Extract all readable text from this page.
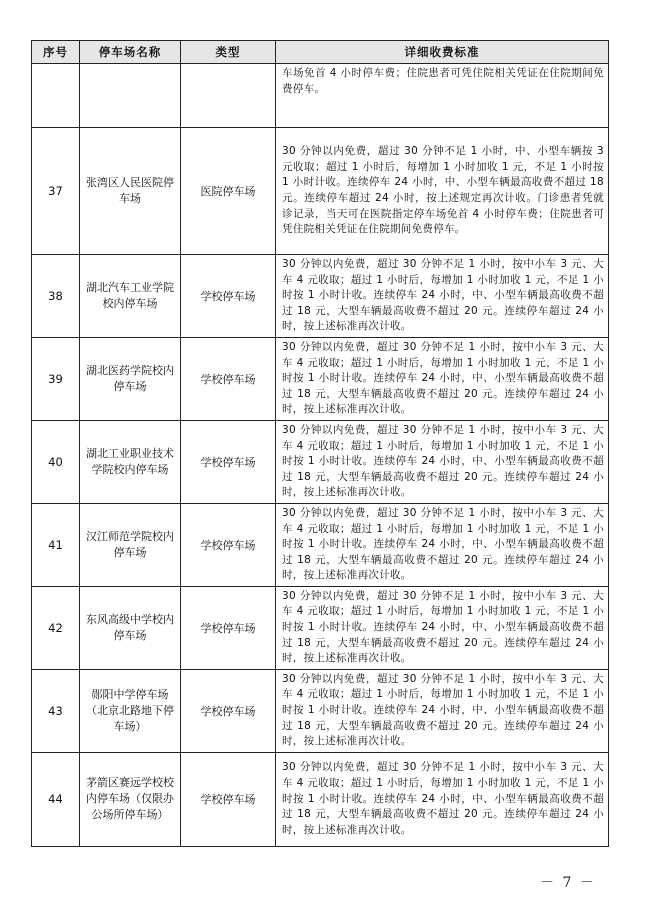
序号	停车场名称	类型	详细收费标准
			车场免首 4 小时停车费；住院患者可凭住院相关凭证在住院期间免费停车。
37	张湾区人民医院停车场	医院停车场	30 分钟以内免费，超过 30 分钟不足 1 小时，中、小型车辆按 3 元收取；超过 1 小时后，每增加 1 小时加收 1 元，不足 1 小时按 1 小时计收。连续停车 24 小时，中、小型车辆最高收费不超过 18 元。连续停车超过 24 小时，按上述规定再次计收。门诊患者凭就诊记录，当天可在医院指定停车场免首 4 小时停车费；住院患者可凭住院相关凭证在住院期间免费停车。
38	湖北汽车工业学院校内停车场	学校停车场	30 分钟以内免费，超过 30 分钟不足 1 小时，按中小车 3 元、大车 4 元收取；超过 1 小时后，每增加 1 小时加收 1 元，不足 1 小时按 1 小时计收。连续停车 24 小时，中、小型车辆最高收费不超过 18 元，大型车辆最高收费不超过 20 元。连续停车超过 24 小时，按上述标准再次计收。
39	湖北医药学院校内停车场	学校停车场	30 分钟以内免费，超过 30 分钟不足 1 小时，按中小车 3 元、大车 4 元收取；超过 1 小时后，每增加 1 小时加收 1 元，不足 1 小时按 1 小时计收。连续停车 24 小时，中、小型车辆最高收费不超过 18 元，大型车辆最高收费不超过 20 元。连续停车超过 24 小时，按上述标准再次计收。
40	湖北工业职业技术学院校内停车场	学校停车场	30 分钟以内免费，超过 30 分钟不足 1 小时，按中小车 3 元、大车 4 元收取；超过 1 小时后，每增加 1 小时加收 1 元，不足 1 小时按 1 小时计收。连续停车 24 小时，中、小型车辆最高收费不超过 18 元，大型车辆最高收费不超过 20 元。连续停车超过 24 小时，按上述标准再次计收。
41	汉江师范学院校内停车场	学校停车场	30 分钟以内免费，超过 30 分钟不足 1 小时，按中小车 3 元、大车 4 元收取；超过 1 小时后，每增加 1 小时加收 1 元，不足 1 小时按 1 小时计收。连续停车 24 小时，中、小型车辆最高收费不超过 18 元，大型车辆最高收费不超过 20 元。连续停车超过 24 小时，按上述标准再次计收。
42	东风高级中学校内停车场	学校停车场	30 分钟以内免费，超过 30 分钟不足 1 小时，按中小车 3 元、大车 4 元收取；超过 1 小时后，每增加 1 小时加收 1 元，不足 1 小时按 1 小时计收。连续停车 24 小时，中、小型车辆最高收费不超过 18 元，大型车辆最高收费不超过 20 元。连续停车超过 24 小时，按上述标准再次计收。
43	郧阳中学停车场（北京北路地下停车场）	学校停车场	30 分钟以内免费，超过 30 分钟不足 1 小时，按中小车 3 元、大车 4 元收取；超过 1 小时后，每增加 1 小时加收 1 元，不足 1 小时按 1 小时计收。连续停车 24 小时，中、小型车辆最高收费不超过 18 元，大型车辆最高收费不超过 20 元。连续停车超过 24 小时，按上述标准再次计收。
44	茅箭区赛远学校校内停车场（仅限办公场所停车场）	学校停车场	30 分钟以内免费，超过 30 分钟不足 1 小时，按中小车 3 元、大车 4 元收取；超过 1 小时后，每增加 1 小时加收 1 元，不足 1 小时按 1 小时计收。连续停车 24 小时，中、小型车辆最高收费不超过 18 元，大型车辆最高收费不超过 20 元。连续停车超过 24 小时，按上述标准再次计收。
－ 7 －
